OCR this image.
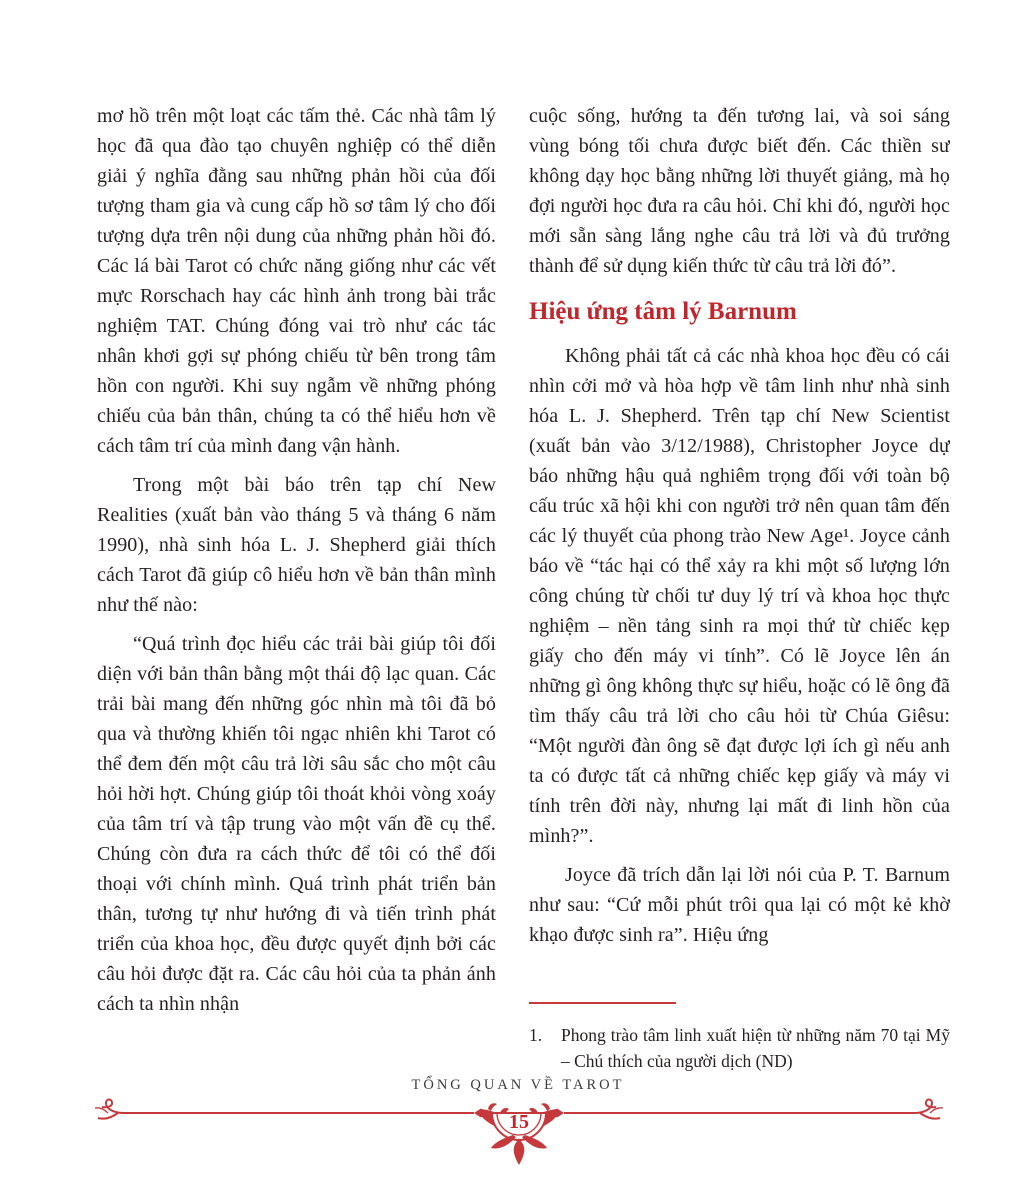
mơ hồ trên một loạt các tấm thẻ. Các nhà tâm lý học đã qua đào tạo chuyên nghiệp có thể diễn giải ý nghĩa đằng sau những phản hồi của đối tượng tham gia và cung cấp hồ sơ tâm lý cho đối tượng dựa trên nội dung của những phản hồi đó. Các lá bài Tarot có chức năng giống như các vết mực Rorschach hay các hình ảnh trong bài trắc nghiệm TAT. Chúng đóng vai trò như các tác nhân khơi gợi sự phóng chiếu từ bên trong tâm hồn con người. Khi suy ngẫm về những phóng chiếu của bản thân, chúng ta có thể hiểu hơn về cách tâm trí của mình đang vận hành.

Trong một bài báo trên tạp chí New Realities (xuất bản vào tháng 5 và tháng 6 năm 1990), nhà sinh hóa L. J. Shepherd giải thích cách Tarot đã giúp cô hiểu hơn về bản thân mình như thế nào:

“Quá trình đọc hiểu các trải bài giúp tôi đối diện với bản thân bằng một thái độ lạc quan. Các trải bài mang đến những góc nhìn mà tôi đã bỏ qua và thường khiến tôi ngạc nhiên khi Tarot có thể đem đến một câu trả lời sâu sắc cho một câu hỏi hời hợt. Chúng giúp tôi thoát khỏi vòng xoáy của tâm trí và tập trung vào một vấn đề cụ thể. Chúng còn đưa ra cách thức để tôi có thể đối thoại với chính mình. Quá trình phát triển bản thân, tương tự như hướng đi và tiến trình phát triển của khoa học, đều được quyết định bởi các câu hỏi được đặt ra. Các câu hỏi của ta phản ánh cách ta nhìn nhận

cuộc sống, hướng ta đến tương lai, và soi sáng vùng bóng tối chưa được biết đến. Các thiền sư không dạy học bằng những lời thuyết giảng, mà họ đợi người học đưa ra câu hỏi. Chỉ khi đó, người học mới sẵn sàng lắng nghe câu trả lời và đủ trưởng thành để sử dụng kiến thức từ câu trả lời đó”.

Hiệu ứng tâm lý Barnum

Không phải tất cả các nhà khoa học đều có cái nhìn cởi mở và hòa hợp về tâm linh như nhà sinh hóa L. J. Shepherd. Trên tạp chí New Scientist (xuất bản vào 3/12/1988), Christopher Joyce dự báo những hậu quả nghiêm trọng đối với toàn bộ cấu trúc xã hội khi con người trở nên quan tâm đến các lý thuyết của phong trào New Age¹. Joyce cảnh báo về “tác hại có thể xảy ra khi một số lượng lớn công chúng từ chối tư duy lý trí và khoa học thực nghiệm – nền tảng sinh ra mọi thứ từ chiếc kẹp giấy cho đến máy vi tính”. Có lẽ Joyce lên án những gì ông không thực sự hiểu, hoặc có lẽ ông đã tìm thấy câu trả lời cho câu hỏi từ Chúa Giêsu: “Một người đàn ông sẽ đạt được lợi ích gì nếu anh ta có được tất cả những chiếc kẹp giấy và máy vi tính trên đời này, nhưng lại mất đi linh hồn của mình?”.

Joyce đã trích dẫn lại lời nói của P. T. Barnum như sau: “Cứ mỗi phút trôi qua lại có một kẻ khờ khạo được sinh ra”. Hiệu ứng

1.	Phong trào tâm linh xuất hiện từ những năm 70 tại Mỹ – Chú thích của người dịch (ND)
TỔNG QUAN VỀ TAROT
15
